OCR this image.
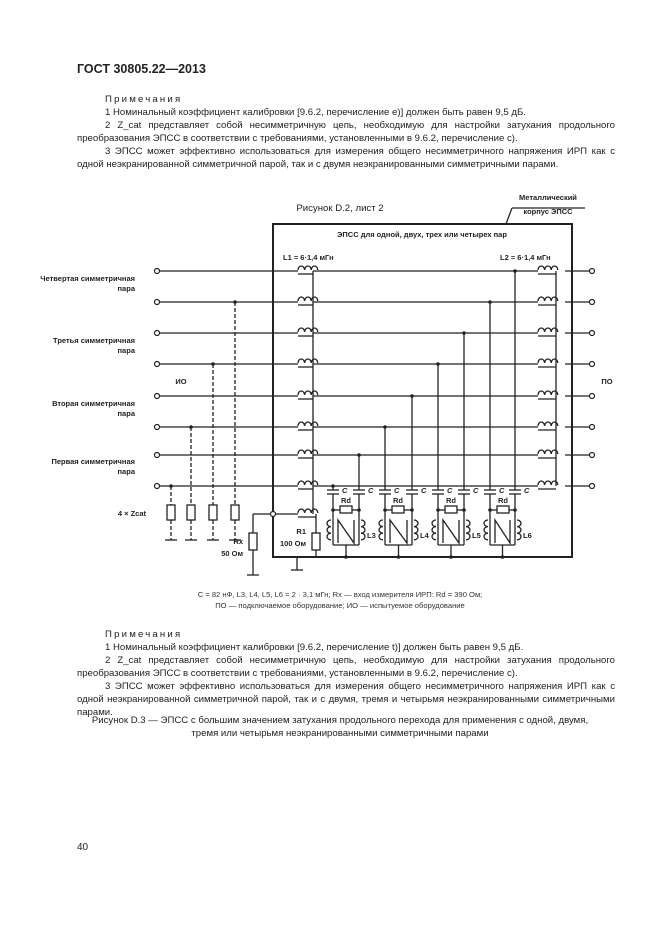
ГОСТ 30805.22—2013

Примечания

1 Номинальный коэффициент калибровки [9.6.2, перечисление e)] должен быть равен 9,5 дБ.

2 Z_cat представляет собой несимметричную цепь, необходимую для настройки затухания продольного преобразования ЭПСС в соответствии с требованиями, установленными в 9.6.2, перечисление c).

3 ЭПСС может эффективно использоваться для измерения общего несимметричного напряжения ИРП как с одной неэкранированной симметричной парой, так и с двумя неэкранированными симметричными парами.

Рисунок D.2, лист 2
Металлический
корпус ЭПСС
ЭПСС для одной, двух, трех или четырех пар
L1 = 6·1,4 мГн	L2 = 6·1,4 мГн
Четвертая симметричная
пара
Третья симметричная
пара
Вторая симметричная
пара
Первая симметричная
пара
ИО	ПО
4 × Zcat
Rx
50 Ом
R1
100 Ом
C	C
Rd
L3
C	C
Rd
L4
C	C
Rd
L5
C	C
Rd
L6
C = 82 нФ, L3, L4, L5, L6 = 2 · 3,1 мГн; Rx — вход измерителя ИРП: Rd = 390 Ом;
ПО — подключаемое оборудование; ИО — испытуемое оборудование

Примечания

1 Номинальный коэффициент калибровки [9.6.2, перечисление t)] должен быть равен 9,5 дБ.

2 Z_cat представляет собой несимметричную цепь, необходимую для настройки затухания продольного преобразования ЭПСС в соответствии с требованиями, установленными в 9.6.2, перечисление c).

3 ЭПСС может эффективно использоваться для измерения общего несимметричного напряжения ИРП как с одной неэкранированной симметричной парой, так и с двумя, тремя и четырьмя неэкранированными симметричными парами.

Рисунок D.3 — ЭПСС с большим значением затухания продольного перехода для применения с одной, двумя,
тремя или четырьмя неэкранированными симметричными парами
40
